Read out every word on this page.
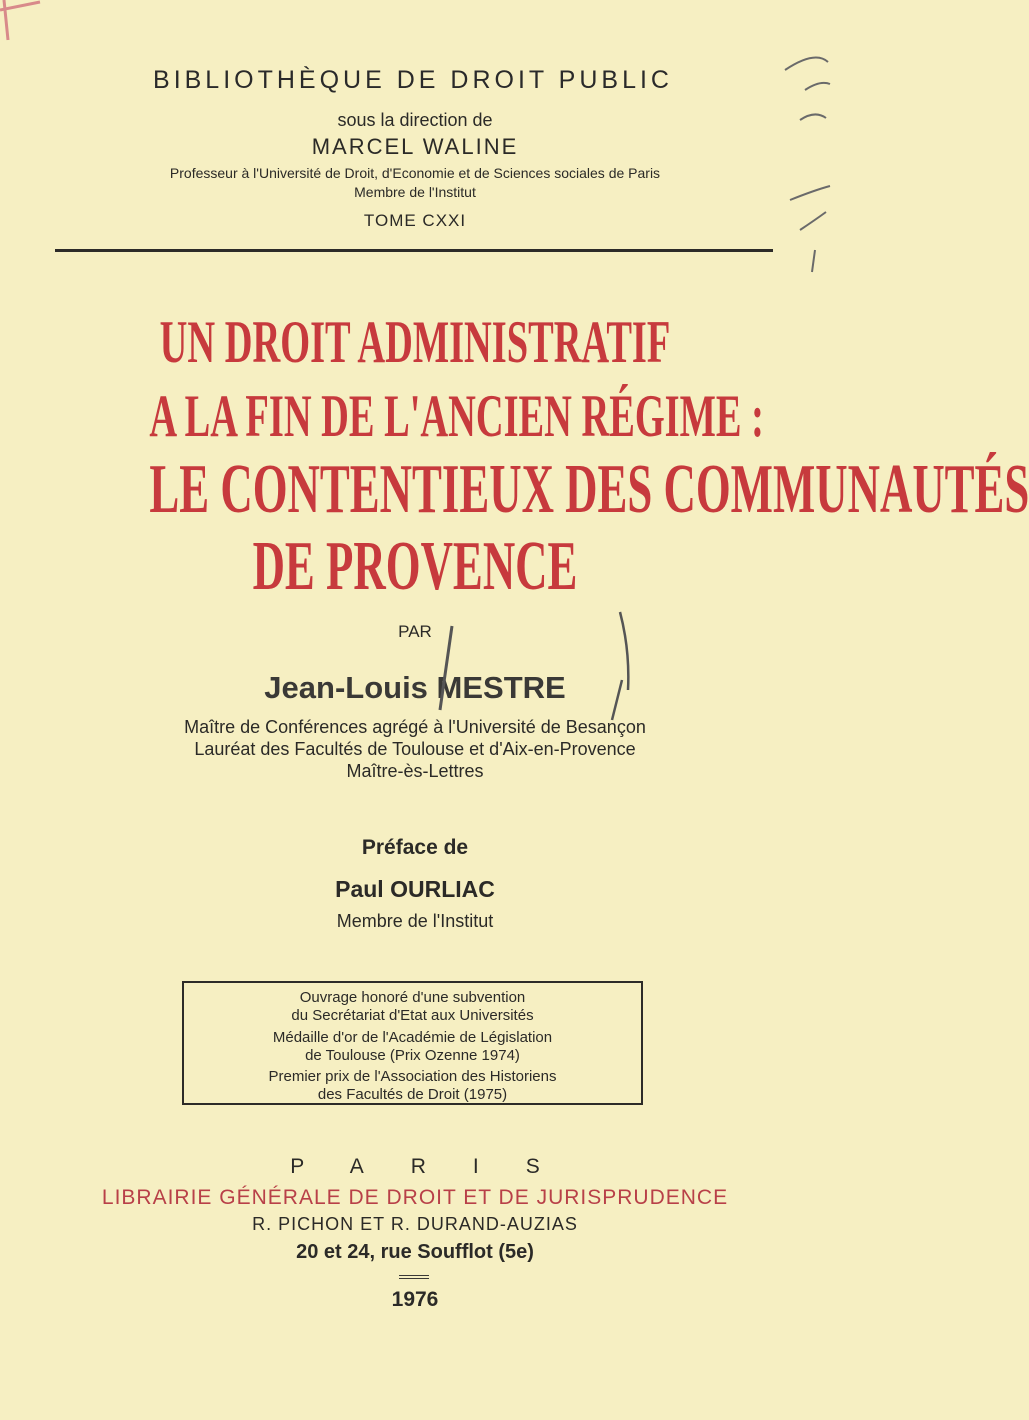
BIBLIOTHÈQUE DE DROIT PUBLIC
sous la direction de
MARCEL WALINE
Professeur à l'Université de Droit, d'Economie et de Sciences sociales de Paris
Membre de l'Institut
TOME CXXI
UN DROIT ADMINISTRATIF
A LA FIN DE L'ANCIEN RÉGIME :
LE CONTENTIEUX DES COMMUNAUTÉS
DE PROVENCE
PAR
Jean-Louis MESTRE
Maître de Conférences agrégé à l'Université de Besançon
Lauréat des Facultés de Toulouse et d'Aix-en-Provence
Maître-ès-Lettres
Préface de
Paul OURLIAC
Membre de l'Institut
Ouvrage honoré d'une subvention
du Secrétariat d'Etat aux Universités
Médaille d'or de l'Académie de Législation
de Toulouse (Prix Ozenne 1974)
Premier prix de l'Association des Historiens
des Facultés de Droit (1975)
PARIS
LIBRAIRIE GÉNÉRALE DE DROIT ET DE JURISPRUDENCE
R. PICHON ET R. DURAND-AUZIAS
20 et 24, rue Soufflot (5e)
1976
